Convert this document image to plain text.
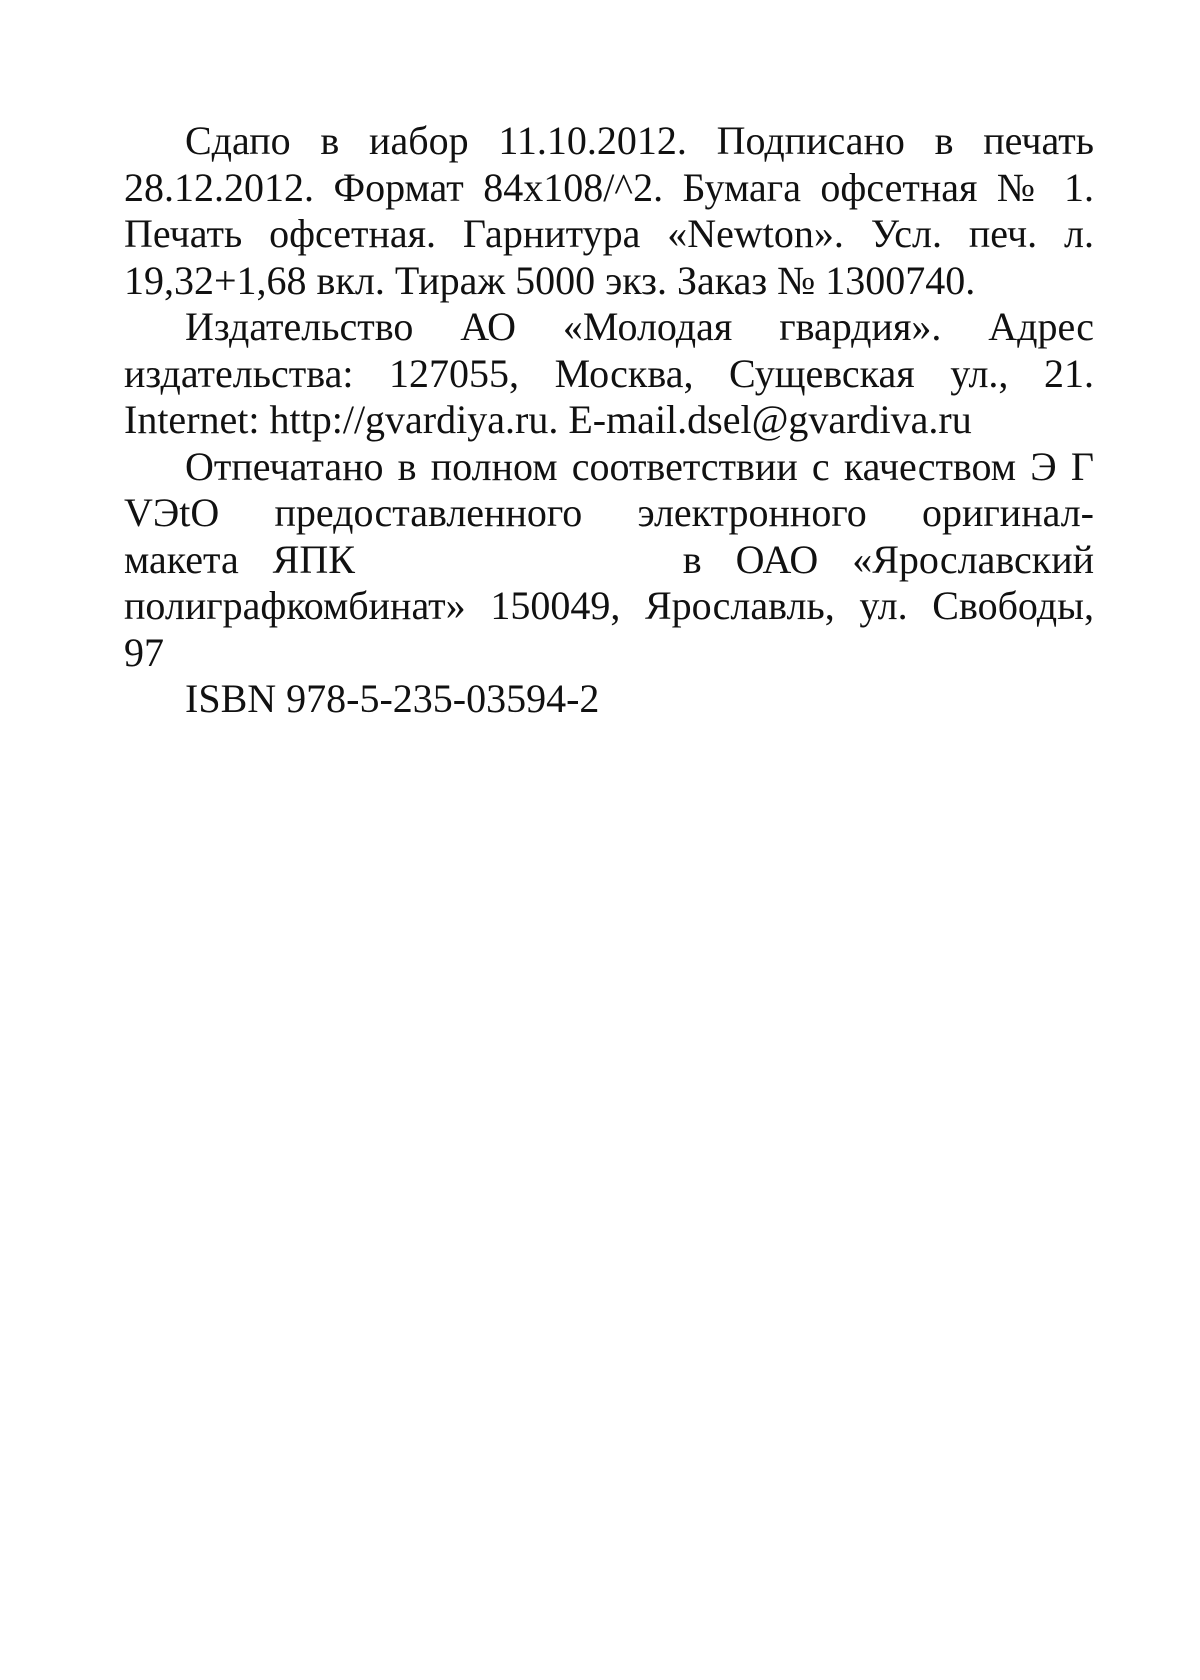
Сдапо в иабор 11.10.2012. Подписано в печать
28.12.2012. Формат 84x108/^2. Бумага офсетная № 1.
Печать офсетная. Гарнитура «Newton». Усл. печ. л.
19,32+1,68 вкл. Тираж 5000 экз. Заказ № 1300740.
Издательство АО «Молодая гвардия». Адрес
издательства: 127055, Москва, Сущевская ул., 21.
Internet: http://gvardiya.ru. E-mail.dsel@gvardiva.ru
Отпечатано в полном соответствии с качеством Э Г
VЭtO предоставленного электронного оригинал-
макета ЯПК	в ОАО «Ярославский
полиграфкомбинат» 150049, Ярославль, ул. Свободы,
97
ISBN 978-5-235-03594-2
